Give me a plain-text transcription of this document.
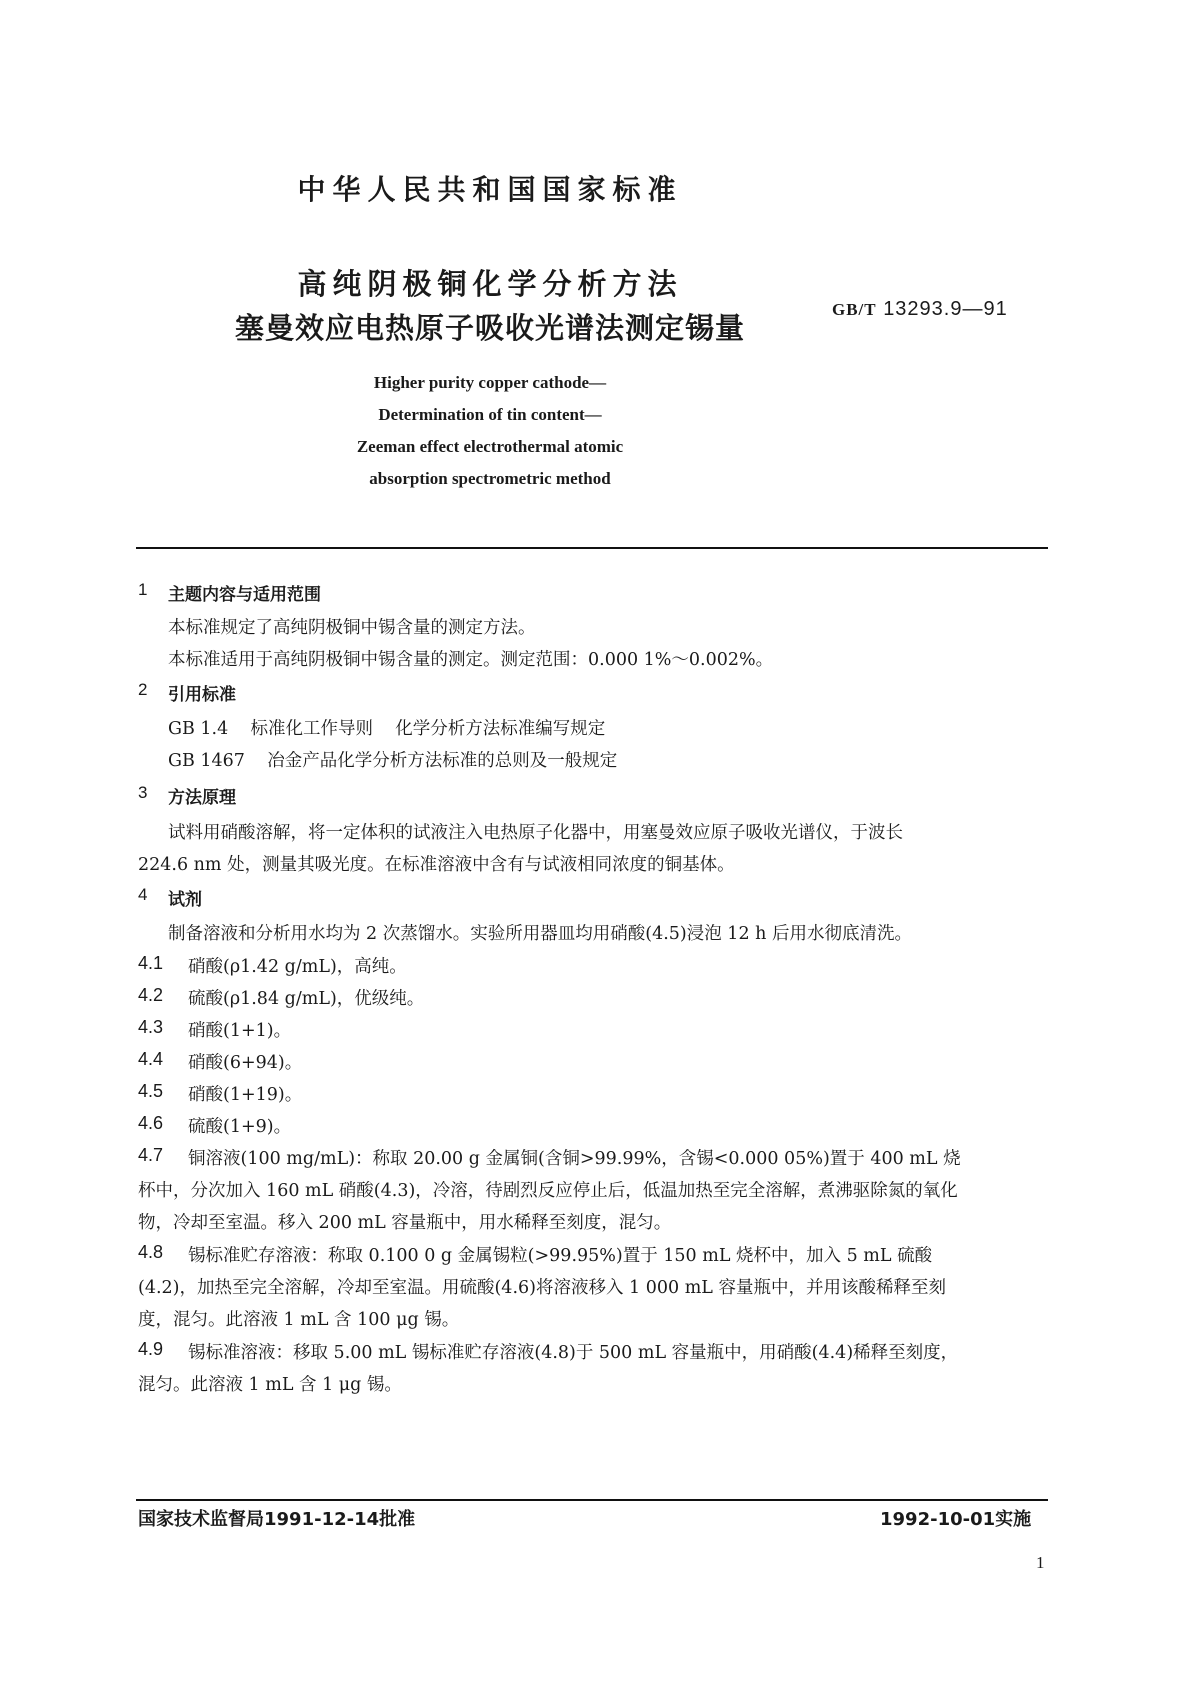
中华人民共和国国家标准
高纯阴极铜化学分析方法
塞曼效应电热原子吸收光谱法测定锡量
GB/T 13293.9—91
Higher purity copper cathode—
Determination of tin content—
Zeeman effect electrothermal atomic
absorption spectrometric method
1 主题内容与适用范围
本标准规定了高纯阴极铜中锡含量的测定方法。
本标准适用于高纯阴极铜中锡含量的测定。测定范围：0.000 1%～0.002%。
2 引用标准
GB 1.4    标准化工作导则    化学分析方法标准编写规定
GB 1467    冶金产品化学分析方法标准的总则及一般规定
3 方法原理
试料用硝酸溶解，将一定体积的试液注入电热原子化器中，用塞曼效应原子吸收光谱仪，于波长
224.6 nm 处，测量其吸光度。在标准溶液中含有与试液相同浓度的铜基体。
4 试剂
制备溶液和分析用水均为 2 次蒸馏水。实验所用器皿均用硝酸(4.5)浸泡 12 h 后用水彻底清洗。
4.1 硝酸(ρ1.42 g/mL)，高纯。
4.2 硫酸(ρ1.84 g/mL)，优级纯。
4.3 硝酸(1+1)。
4.4 硝酸(6+94)。
4.5 硝酸(1+19)。
4.6 硫酸(1+9)。
4.7 铜溶液(100 mg/mL)：称取 20.00 g 金属铜(含铜>99.99%，含锡<0.000 05%)置于 400 mL 烧
杯中，分次加入 160 mL 硝酸(4.3)，冷溶，待剧烈反应停止后，低温加热至完全溶解，煮沸驱除氮的氧化
物，冷却至室温。移入 200 mL 容量瓶中，用水稀释至刻度，混匀。
4.8 锡标准贮存溶液：称取 0.100 0 g 金属锡粒(>99.95%)置于 150 mL 烧杯中，加入 5 mL 硫酸
(4.2)，加热至完全溶解，冷却至室温。用硫酸(4.6)将溶液移入 1 000 mL 容量瓶中，并用该酸稀释至刻
度，混匀。此溶液 1 mL 含 100 μg 锡。
4.9 锡标准溶液：移取 5.00 mL 锡标准贮存溶液(4.8)于 500 mL 容量瓶中，用硝酸(4.4)稀释至刻度，
混匀。此溶液 1 mL 含 1 μg 锡。
国家技术监督局1991-12-14批准	1992-10-01实施
1
